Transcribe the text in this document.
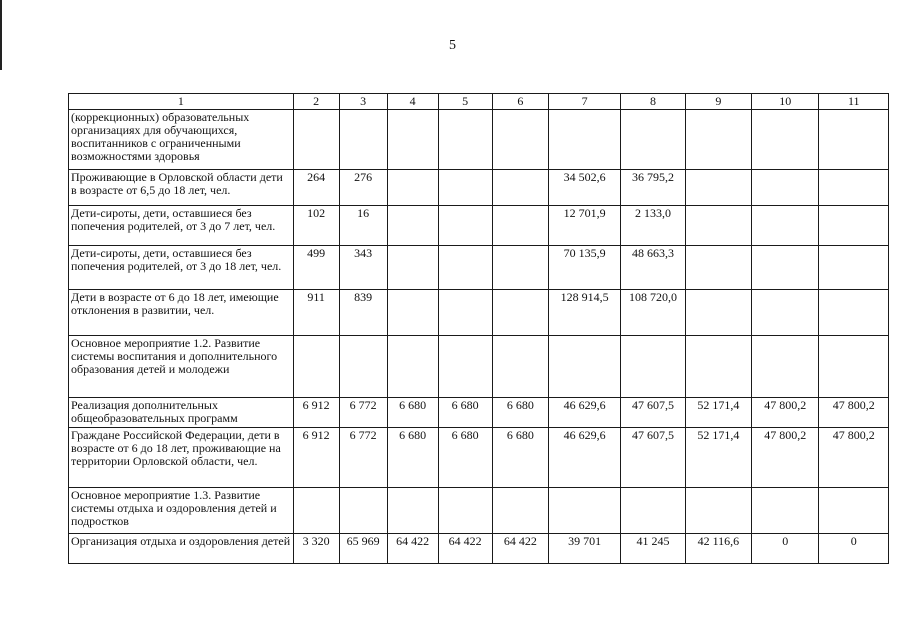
5
1	2	3	4	5	6	7	8	9	10	11
(коррекционных) образовательных организациях для обучающихся, воспитанников с ограниченными возможностями здоровья										
Проживающие в Орловской области дети в возрасте от 6,5 до 18 лет, чел.	264	276				34 502,6	36 795,2			
Дети-сироты, дети, оставшиеся без попечения родителей, от 3 до 7 лет, чел.	102	16				12 701,9	2 133,0			
Дети-сироты, дети, оставшиеся без попечения родителей, от 3 до 18 лет, чел.	499	343				70 135,9	48 663,3			
Дети в возрасте от 6 до 18 лет, имеющие отклонения в развитии, чел.	911	839				128 914,5	108 720,0			
Основное мероприятие 1.2. Развитие системы воспитания и дополнительного образования детей и молодежи										
Реализация дополнительных общеобразовательных программ	6 912	6 772	6 680	6 680	6 680	46 629,6	47 607,5	52 171,4	47 800,2	47 800,2
Граждане Российской Федерации, дети в возрасте от 6 до 18 лет, проживающие на территории Орловской области, чел.	6 912	6 772	6 680	6 680	6 680	46 629,6	47 607,5	52 171,4	47 800,2	47 800,2
Основное мероприятие 1.3. Развитие системы отдыха и оздоровления детей и подростков										
Организация отдыха и оздоровления детей	3 320	65 969	64 422	64 422	64 422	39 701	41 245	42 116,6	0	0
